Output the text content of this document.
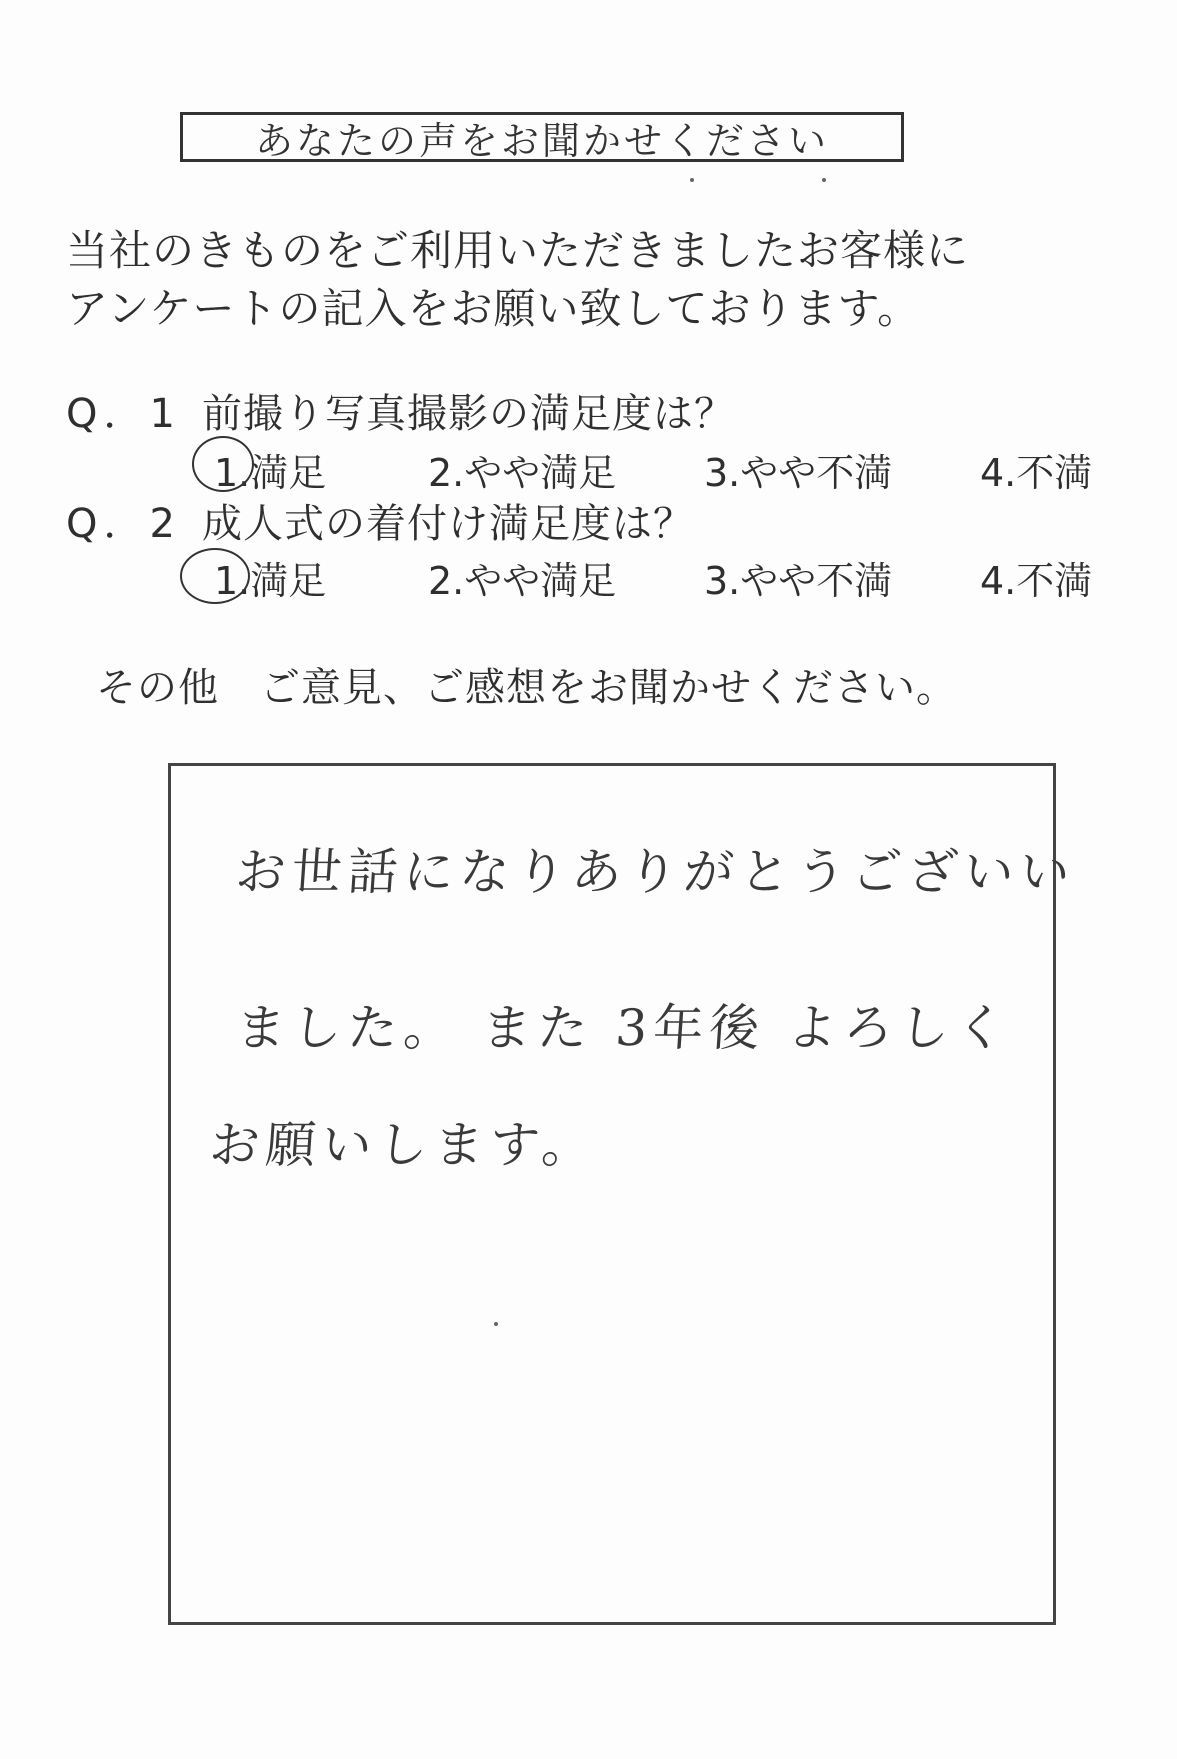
あなたの声をお聞かせください
当社のきものをご利用いただきましたお客様に
アンケートの記入をお願い致しております。
Q．1 前撮り写真撮影の満足度は？
1.満足	2.やや満足 3.やや不満 4.不満
Q．2 成人式の着付け満足度は？
1.満足	2.やや満足 3.やや不満 4.不満
その他　ご意見、ご感想をお聞かせください。
お世話になりありがとうございい
ました。 また 3年後 よろしく
お願いします。
